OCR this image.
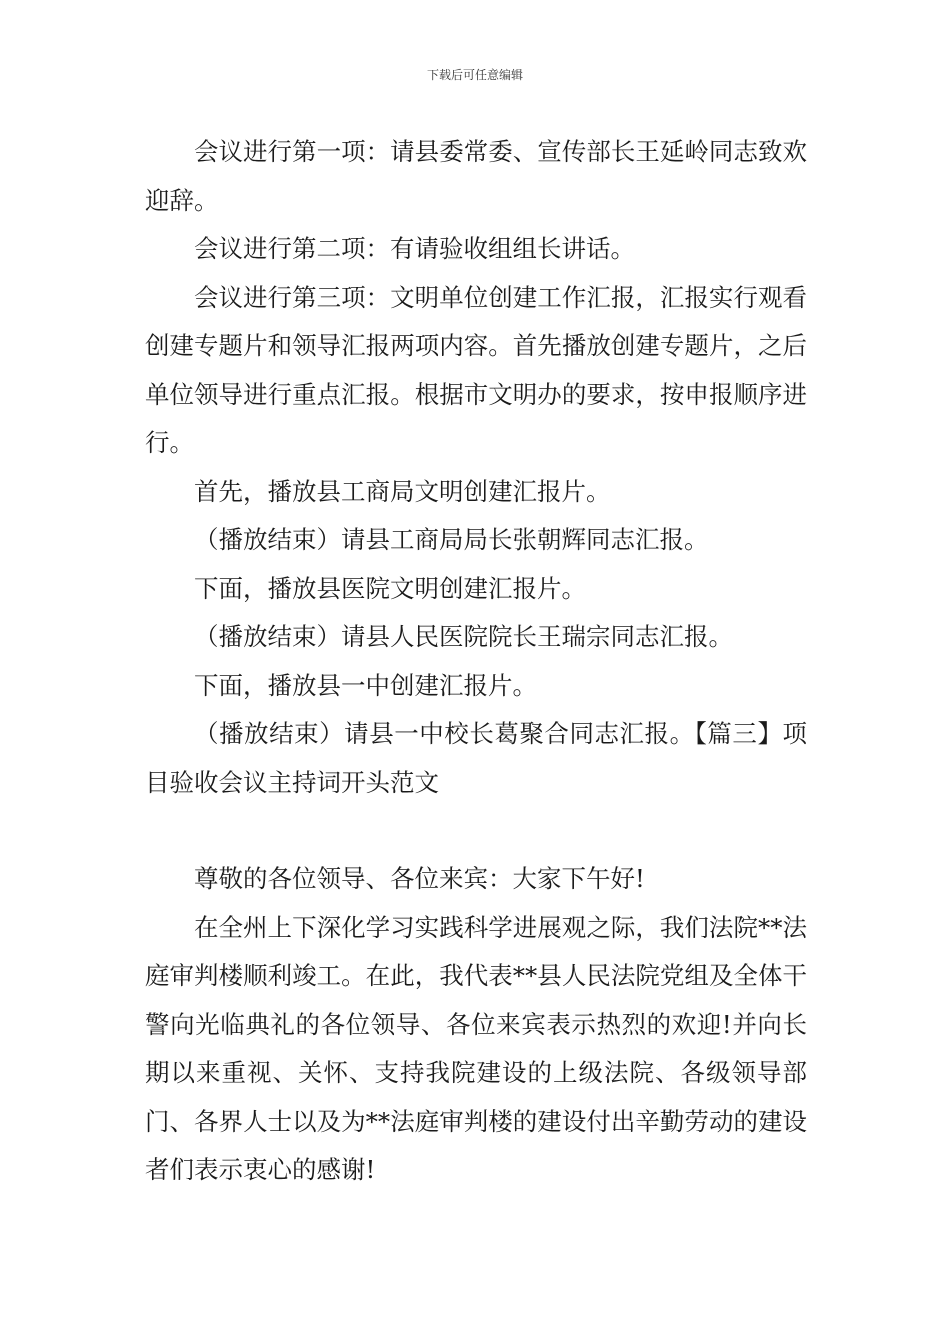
下载后可任意编辑

会议进行第一项：请县委常委、宣传部长王延岭同志致欢迎辞。

会议进行第二项：有请验收组组长讲话。

会议进行第三项：文明单位创建工作汇报，汇报实行观看创建专题片和领导汇报两项内容。首先播放创建专题片，之后单位领导进行重点汇报。根据市文明办的要求，按申报顺序进行。

首先，播放县工商局文明创建汇报片。

（播放结束）请县工商局局长张朝辉同志汇报。

下面，播放县医院文明创建汇报片。

（播放结束）请县人民医院院长王瑞宗同志汇报。

下面，播放县一中创建汇报片。

（播放结束）请县一中校长葛聚合同志汇报。【篇三】项目验收会议主持词开头范文

尊敬的各位领导、各位来宾：大家下午好!

在全州上下深化学习实践科学进展观之际，我们法院**法庭审判楼顺利竣工。在此，我代表**县人民法院党组及全体干警向光临典礼的各位领导、各位来宾表示热烈的欢迎!并向长期以来重视、关怀、支持我院建设的上级法院、各级领导部门、各界人士以及为**法庭审判楼的建设付出辛勤劳动的建设者们表示衷心的感谢!
